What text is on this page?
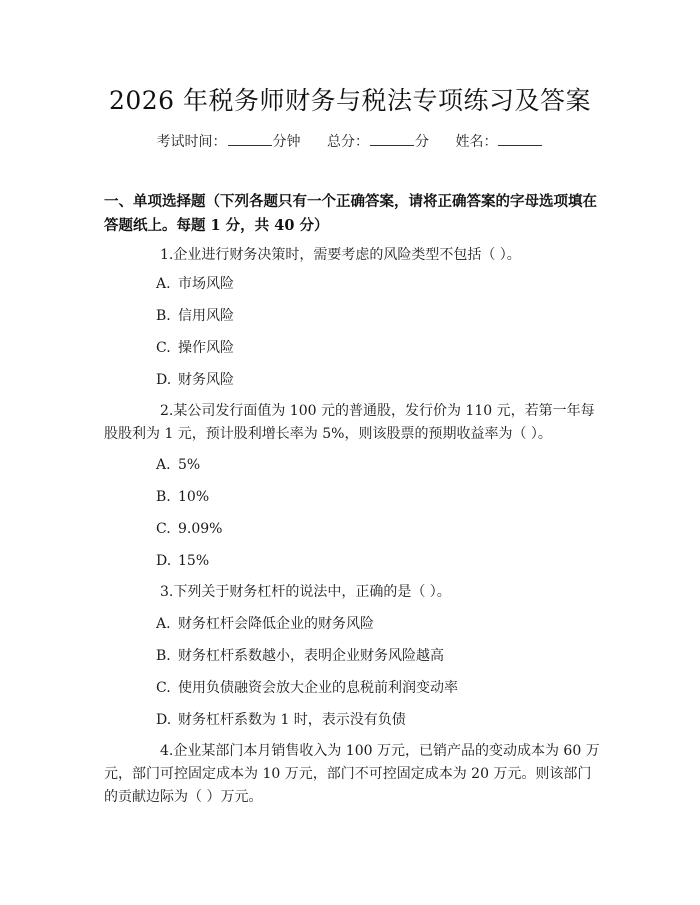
2026 年税务师财务与税法专项练习及答案
考试时间：	分钟 总分：	分 姓名：
一、单项选择题（下列各题只有一个正确答案，请将正确答案的字母选项填在答题纸上。每题 1 分，共 40 分）
1.企业进行财务决策时，需要考虑的风险类型不包括（ ）。
A. 市场风险
B. 信用风险
C. 操作风险
D. 财务风险
2.某公司发行面值为 100 元的普通股，发行价为 110 元，若第一年每股股利为 1 元，预计股利增长率为 5%，则该股票的预期收益率为（ ）。
A. 5%
B. 10%
C. 9.09%
D. 15%
3.下列关于财务杠杆的说法中，正确的是（ ）。
A. 财务杠杆会降低企业的财务风险
B. 财务杠杆系数越小，表明企业财务风险越高
C. 使用负债融资会放大企业的息税前利润变动率
D. 财务杠杆系数为 1 时，表示没有负债
4.企业某部门本月销售收入为 100 万元，已销产品的变动成本为 60 万元，部门可控固定成本为 10 万元，部门不可控固定成本为 20 万元。则该部门的贡献边际为（ ）万元。
